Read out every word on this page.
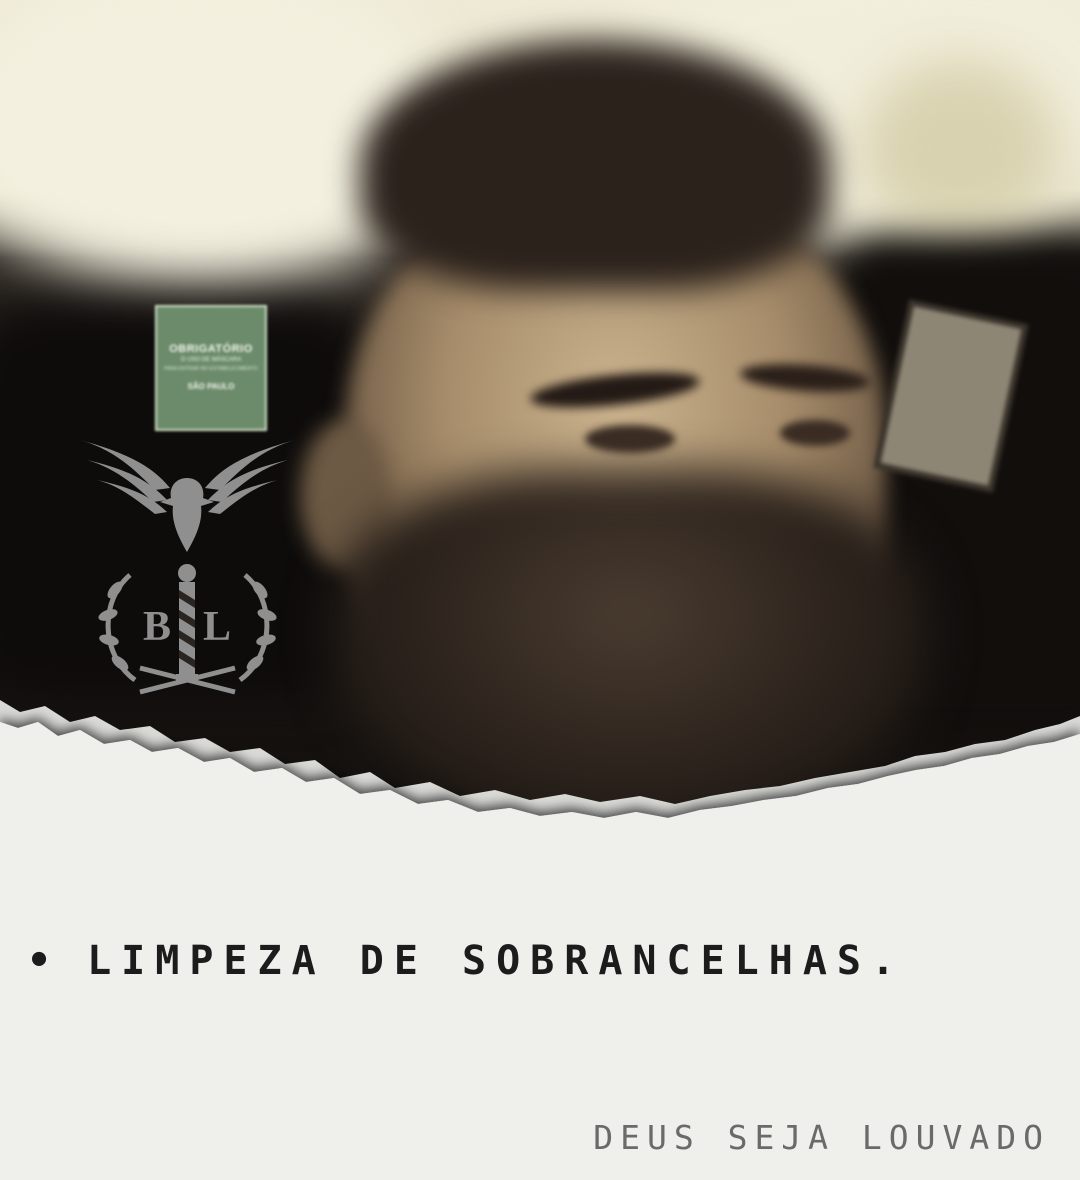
OBRIGATÓRIO
O USO DE MÁSCARA
PARA ENTRAR NO ESTABELECIMENTO
SÃO PAULO
B L

• LIMPEZA DE SOBRANCELHAS.

DEUS SEJA LOUVADO
